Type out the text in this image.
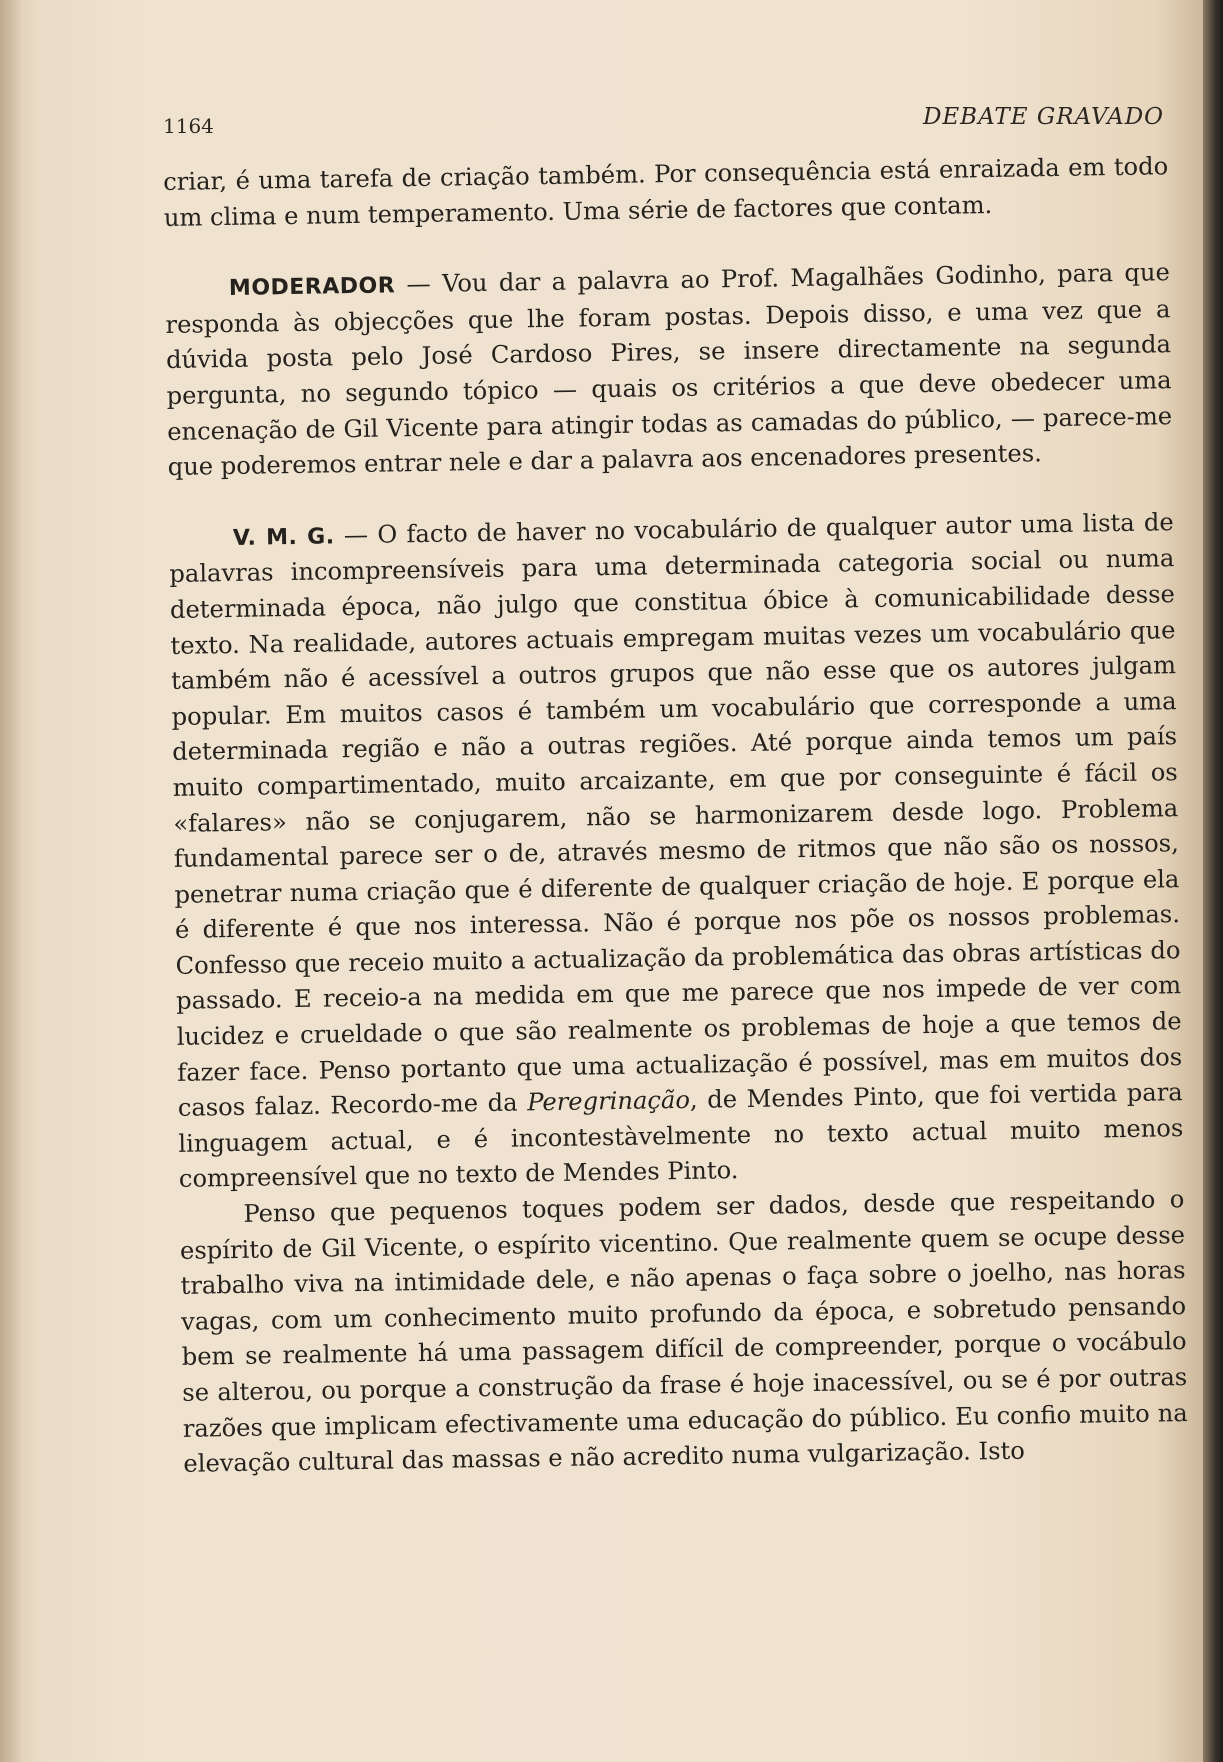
1164	DEBATE GRAVADO

criar, é uma tarefa de criação também. Por consequência está enraizada em todo um clima e num temperamento. Uma série de factores que contam.

MODERADOR — Vou dar a palavra ao Prof. Magalhães Godinho, para que responda às objecções que lhe foram postas. Depois disso, e uma vez que a dúvida posta pelo José Cardoso Pires, se insere directamente na segunda pergunta, no segundo tópico — quais os critérios a que deve obedecer uma encenação de Gil Vicente para atingir todas as camadas do público, — parece-me que poderemos entrar nele e dar a palavra aos encenadores presentes.

V. M. G. — O facto de haver no vocabulário de qualquer autor uma lista de palavras incompreensíveis para uma determinada categoria social ou numa determinada época, não julgo que constitua óbice à comunicabilidade desse texto. Na realidade, autores actuais empregam muitas vezes um vocabulário que também não é acessível a outros grupos que não esse que os autores julgam popular. Em muitos casos é também um vocabulário que corresponde a uma determinada região e não a outras regiões. Até porque ainda temos um país muito compartimentado, muito arcaizante, em que por conseguinte é fácil os «falares» não se conjugarem, não se harmonizarem desde logo. Problema fundamental parece ser o de, através mesmo de ritmos que não são os nossos, penetrar numa criação que é diferente de qualquer criação de hoje. E porque ela é diferente é que nos interessa. Não é porque nos põe os nossos problemas. Confesso que receio muito a actualização da problemática das obras artísticas do passado. E receio-a na medida em que me parece que nos impede de ver com lucidez e crueldade o que são realmente os problemas de hoje a que temos de fazer face. Penso portanto que uma actualização é possível, mas em muitos dos casos falaz. Recordo-me da Peregrinação, de Mendes Pinto, que foi vertida para linguagem actual, e é incontestàvelmente no texto actual muito menos compreensível que no texto de Mendes Pinto.

Penso que pequenos toques podem ser dados, desde que respeitando o espírito de Gil Vicente, o espírito vicentino. Que realmente quem se ocupe desse trabalho viva na intimidade dele, e não apenas o faça sobre o joelho, nas horas vagas, com um conhecimento muito profundo da época, e sobretudo pensando bem se realmente há uma passagem difícil de compreender, porque o vocábulo se alterou, ou porque a construção da frase é hoje inacessível, ou se é por outras razões que implicam efectivamente uma educação do público. Eu confio muito na elevação cultural das massas e não acredito numa vulgarização. Isto
